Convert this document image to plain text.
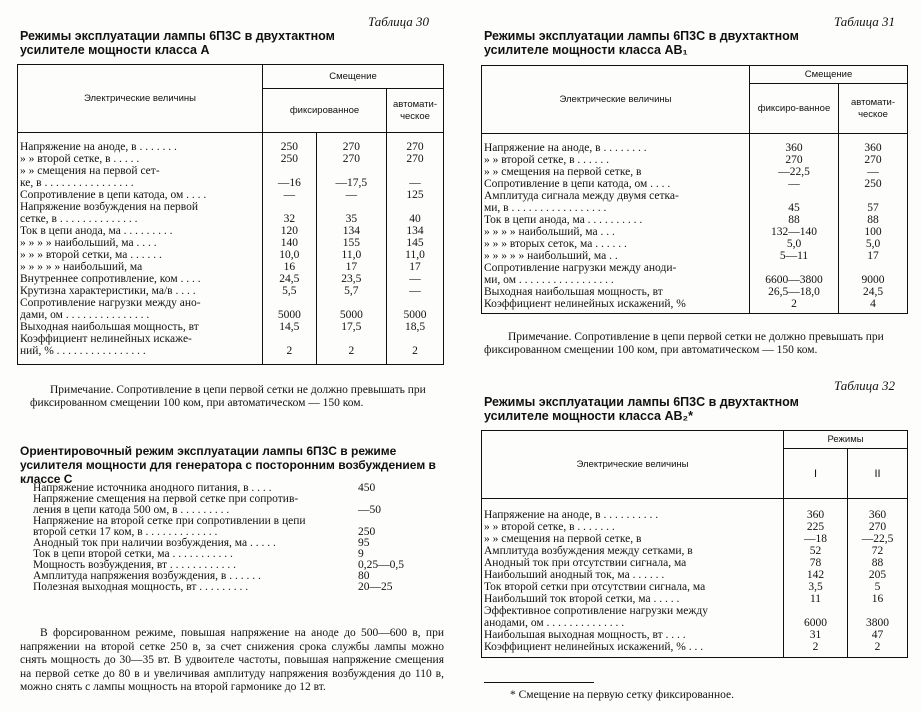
Таблица 30
Режимы эксплуатации лампы 6П3С в двухтактном усилителе мощности класса А
Электрические величины	Смещение		
	фиксированное		автомати-ческое
Напряжение на аноде, в . . . . . . .	250	270	270
» » второй сетке, в . . . . .	250	270	270
» » смещения на первой сет-			
ке, в . . . . . . . . . . . . . . . .	—16	—17,5	—
Сопротивление в цепи катода, ом . . . .	—	—	125
Напряжение возбуждения на первой			
сетке, в . . . . . . . . . . . . . .	32	35	40
Ток в цепи анода, ма . . . . . . . . .	120	134	134
» » » » наибольший, ма . . . .	140	155	145
» » » второй сетки, ма . . . . . .	10,0	11,0	11,0
» » » » » наибольший, ма	16	17	17
Внутреннее сопротивление, ком . . . .	24,5	23,5	—
Крутизна характеристики, ма/в . . . .	5,5	5,7	—
Сопротивление нагрузки между ано-			
дами, ом . . . . . . . . . . . . . . .	5000	5000	5000
Выходная наибольшая мощность, вт	14,5	17,5	18,5
Коэффициент нелинейных искаже-			
ний, % . . . . . . . . . . . . . . . .	2	2	2

Примечание. Сопротивление в цепи первой сетки не должно превышать при фиксированном смещении 100 ком, при автоматическом — 150 ком.
Ориентировочный режим эксплуатации лампы 6П3С в режиме усилителя мощности для генератора с посторонним возбуждением в классе С
Напряжение источника анодного питания, в . . . .	450
Напряжение смещения на первой сетке при сопротив-
ления в цепи катода 500 ом, в . . . . . . . . .	—50
Напряжение на второй сетке при сопротивлении в цепи
второй сетки 17 ком, в . . . . . . . . . . . . .	250
Анодный ток при наличии возбуждения, ма . . . . .	95
Ток в цепи второй сетки, ма . . . . . . . . . . .	9
Мощность возбуждения, вт . . . . . . . . . . . .	0,25—0,5
Амплитуда напряжения возбуждения, в . . . . . .	80
Полезная выходная мощность, вт . . . . . . . . .	20—25
В форсированном режиме, повышая напряжение на аноде до 500—600 в, при напряжении на второй сетке 250 в, за счет снижения срока службы лампы можно снять мощность до 30—35 вт. В удвоителе частоты, повышая напряжение смещения на первой сетке до 80 в и увеличивая амплитуду напряжения возбуждения до 110 в, можно снять с лампы мощность на второй гармонике до 12 вт.
Таблица 31
Режимы эксплуатации лампы 6П3С в двухтактном усилителе мощности класса АВ₁
Электрические величины	Смещение	
	фиксиро-ванное	автомати-ческое
Напряжение на аноде, в . . . . . . . .	360	360
» » второй сетке, в . . . . . .	270	270
» » смещения на первой сетке, в	—22,5	—
Сопротивление в цепи катода, ом . . . .	—	250
Амплитуда сигнала между двумя сетка-		
ми, в . . . . . . . . . . . . . . . . .	45	57
Ток в цепи анода, ма . . . . . . . . . .	88	88
» » » » наибольший, ма . . .	132—140	100
» » » вторых сеток, ма . . . . . .	5,0	5,0
» » » » » наибольший, ма . .	5—11	17
Сопротивление нагрузки между аноди-		
ми, ом . . . . . . . . . . . . . . . . .	6600—3800	9000
Выходная наибольшая мощность, вт	26,5—18,0	24,5
Коэффициент нелинейных искажений, %	2	4

Примечание. Сопротивление в цепи первой сетки не должно превышать при фиксированном смещении 100 ком, при автоматическом — 150 ком.
Таблица 32
Режимы эксплуатации лампы 6П3С в двухтактном усилителе мощности класса АВ₂*
Электрические величины	Режимы	
	I	II
Напряжение на аноде, в . . . . . . . . . .	360	360
» » второй сетке, в . . . . . . .	225	270
» » смещения на первой сетке, в	—18	—22,5
Амплитуда возбуждения между сетками, в	52	72
Анодный ток при отсутствии сигнала, ма	78	88
Наибольший анодный ток, ма . . . . . .	142	205
Ток второй сетки при отсутствии сигнала, ма	3,5	5
Наибольший ток второй сетки, ма . . . . .	11	16
Эффективное сопротивление нагрузки между		
анодами, ом . . . . . . . . . . . . . .	6000	3800
Наибольшая выходная мощность, вт . . . .	31	47
Коэффициент нелинейных искажений, % . . .	2	2

* Смещение на первую сетку фиксированное.
